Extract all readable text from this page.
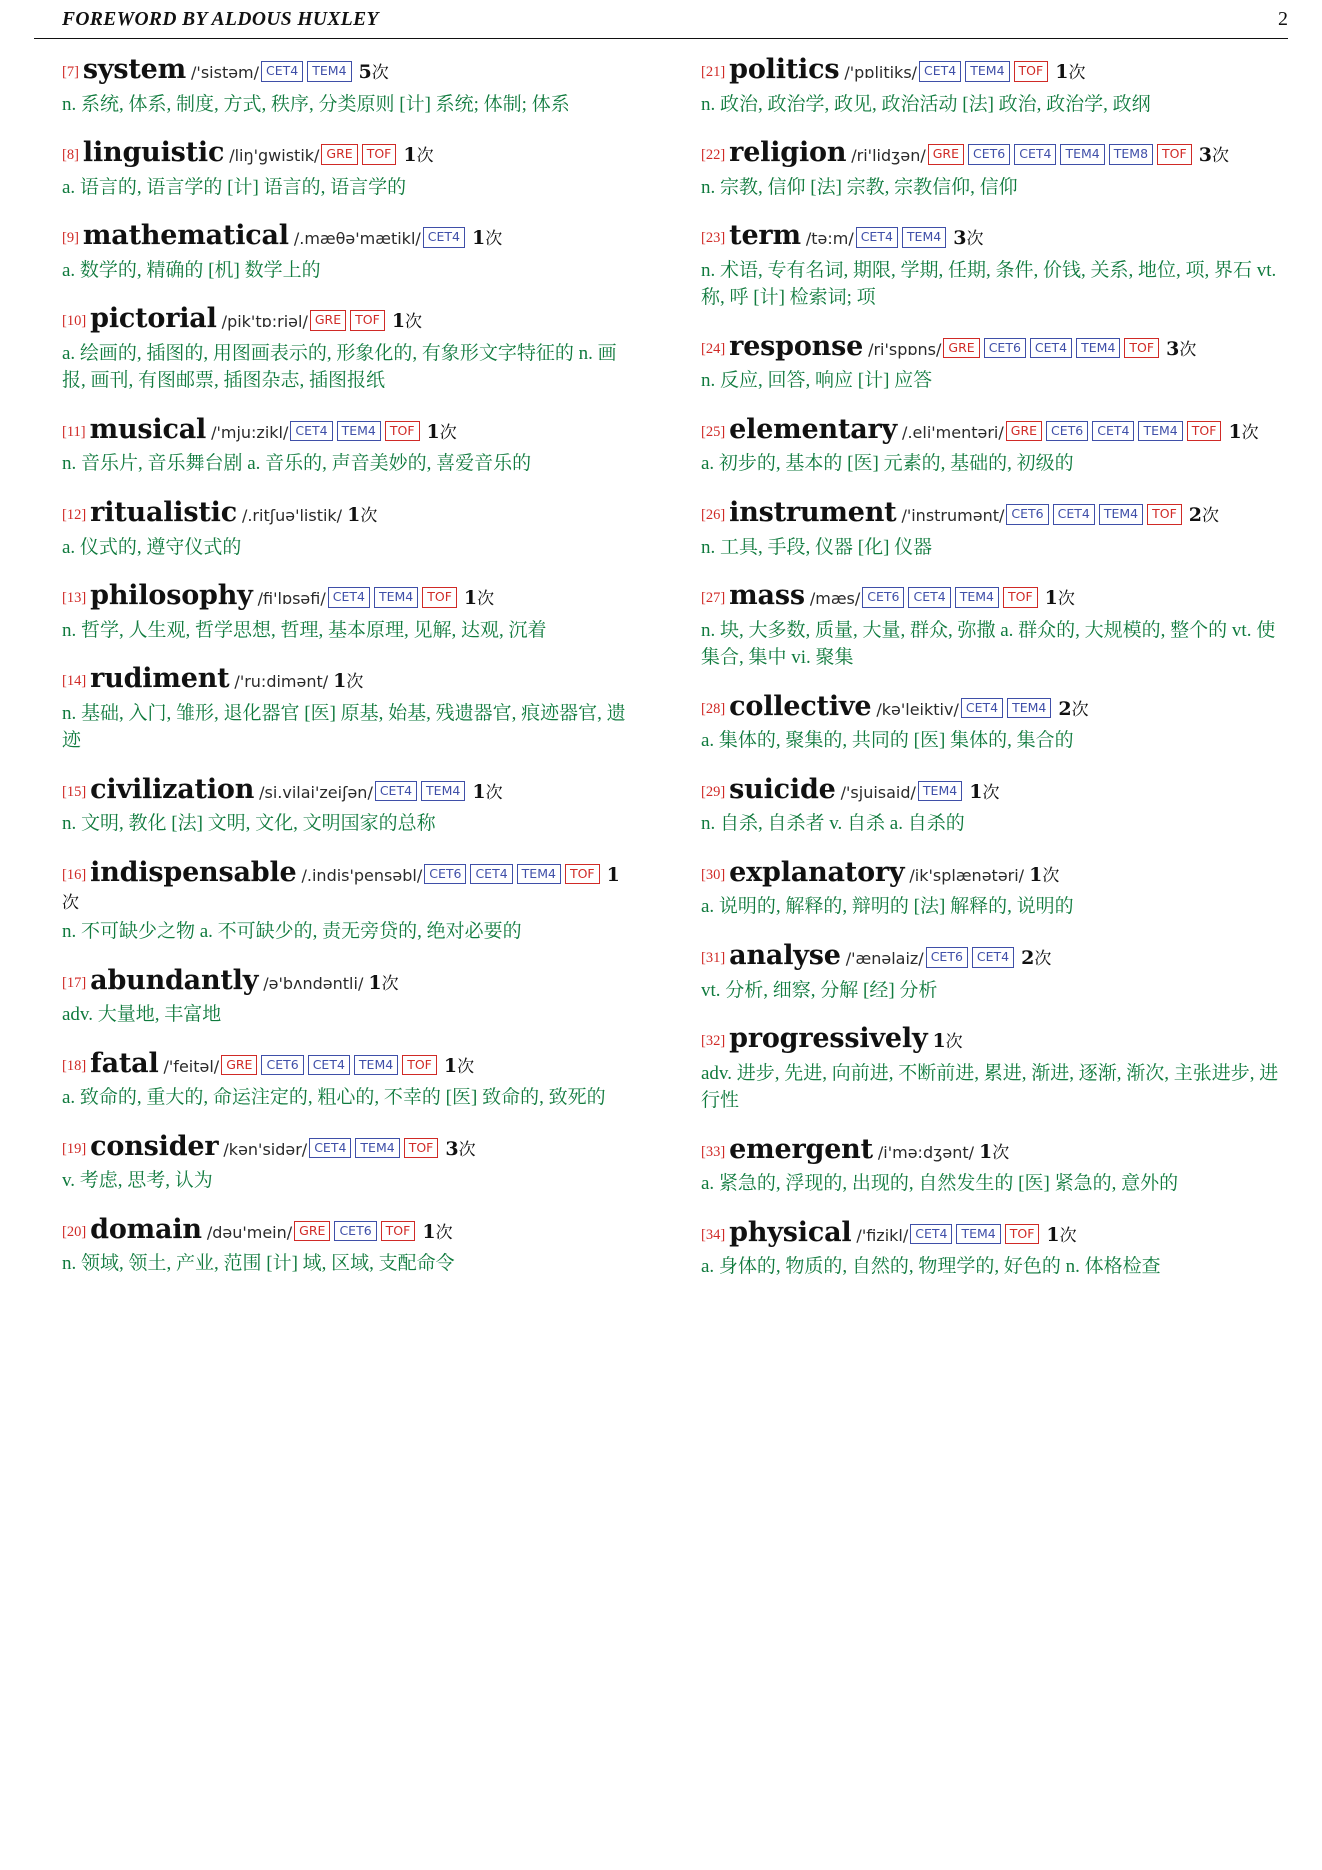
FOREWORD BY ALDOUS HUXLEY	2
[7] system /'sistəm/ CET4 TEM4 5次
n. 系统, 体系, 制度, 方式, 秩序, 分类原则 [计] 系统; 体制; 体系
[8] linguistic /liŋ'gwistik/ GRE TOF 1次
a. 语言的, 语言学的 [计] 语言的, 语言学的
[9] mathematical /.mæθə'mætikl/ CET4 1次
a. 数学的, 精确的 [机] 数学上的
[10] pictorial /pik'tɒ:riəl/ GRE TOF 1次
a. 绘画的, 插图的, 用图画表示的, 形象化的, 有象形文字特征的 n. 画报, 画刊, 有图邮票, 插图杂志, 插图报纸
[11] musical /'mju:zikl/ CET4 TEM4 TOF 1次
n. 音乐片, 音乐舞台剧 a. 音乐的, 声音美妙的, 喜爱音乐的
[12] ritualistic /.ritʃuə'listik/ 1次
a. 仪式的, 遵守仪式的
[13] philosophy /fi'lɒsəfi/ CET4 TEM4 TOF 1次
n. 哲学, 人生观, 哲学思想, 哲理, 基本原理, 见解, 达观, 沉着
[14] rudiment /'ru:dimənt/ 1次
n. 基础, 入门, 雏形, 退化器官 [医] 原基, 始基, 残遗器官, 痕迹器官, 遗迹
[15] civilization /si.vilai'zeiʃən/ CET4 TEM4 1次
n. 文明, 教化 [法] 文明, 文化, 文明国家的总称
[16] indispensable /.indis'pensəbl/ CET6 CET4 TEM4 TOF 1次
n. 不可缺少之物 a. 不可缺少的, 责无旁贷的, 绝对必要的
[17] abundantly /ə'bʌndəntli/ 1次
adv. 大量地, 丰富地
[18] fatal /'feitəl/ GRE CET6 CET4 TEM4 TOF 1次
a. 致命的, 重大的, 命运注定的, 粗心的, 不幸的 [医] 致命的, 致死的
[19] consider /kən'sidər/ CET4 TEM4 TOF 3次
v. 考虑, 思考, 认为
[20] domain /dəu'mein/ GRE CET6 TOF 1次
n. 领域, 领土, 产业, 范围 [计] 域, 区域, 支配命令
[21] politics /'pɒlitiks/ CET4 TEM4 TOF 1次
n. 政治, 政治学, 政见, 政治活动 [法] 政治, 政治学, 政纲
[22] religion /ri'lidʒən/ GRE CET6 CET4 TEM4 TEM8 TOF 3次
n. 宗教, 信仰 [法] 宗教, 宗教信仰, 信仰
[23] term /tə:m/ CET4 TEM4 3次
n. 术语, 专有名词, 期限, 学期, 任期, 条件, 价钱, 关系, 地位, 项, 界石 vt. 称, 呼 [计] 检索词; 项
[24] response /ri'spɒns/ GRE CET6 CET4 TEM4 TOF 3次
n. 反应, 回答, 响应 [计] 应答
[25] elementary /.eli'mentəri/ GRE CET6 CET4 TEM4 TOF 1次
a. 初步的, 基本的 [医] 元素的, 基础的, 初级的
[26] instrument /'instrumənt/ CET6 CET4 TEM4 TOF 2次
n. 工具, 手段, 仪器 [化] 仪器
[27] mass /mæs/ CET6 CET4 TEM4 TOF 1次
n. 块, 大多数, 质量, 大量, 群众, 弥撒 a. 群众的, 大规模的, 整个的 vt. 使集合, 集中 vi. 聚集
[28] collective /kə'leiktiv/ CET4 TEM4 2次
a. 集体的, 聚集的, 共同的 [医] 集体的, 集合的
[29] suicide /'sjuisaid/ TEM4 1次
n. 自杀, 自杀者 v. 自杀 a. 自杀的
[30] explanatory /ik'splænətəri/ 1次
a. 说明的, 解释的, 辩明的 [法] 解释的, 说明的
[31] analyse /'ænəlaiz/ CET6 CET4 2次
vt. 分析, 细察, 分解 [经] 分析
[32] progressively 1次
adv. 进步, 先进, 向前进, 不断前进, 累进, 渐进, 逐渐, 渐次, 主张进步, 进行性
[33] emergent /i'mə:dʒənt/ 1次
a. 紧急的, 浮现的, 出现的, 自然发生的 [医] 紧急的, 意外的
[34] physical /'fizikl/ CET4 TEM4 TOF 1次
a. 身体的, 物质的, 自然的, 物理学的, 好色的 n. 体格检查
